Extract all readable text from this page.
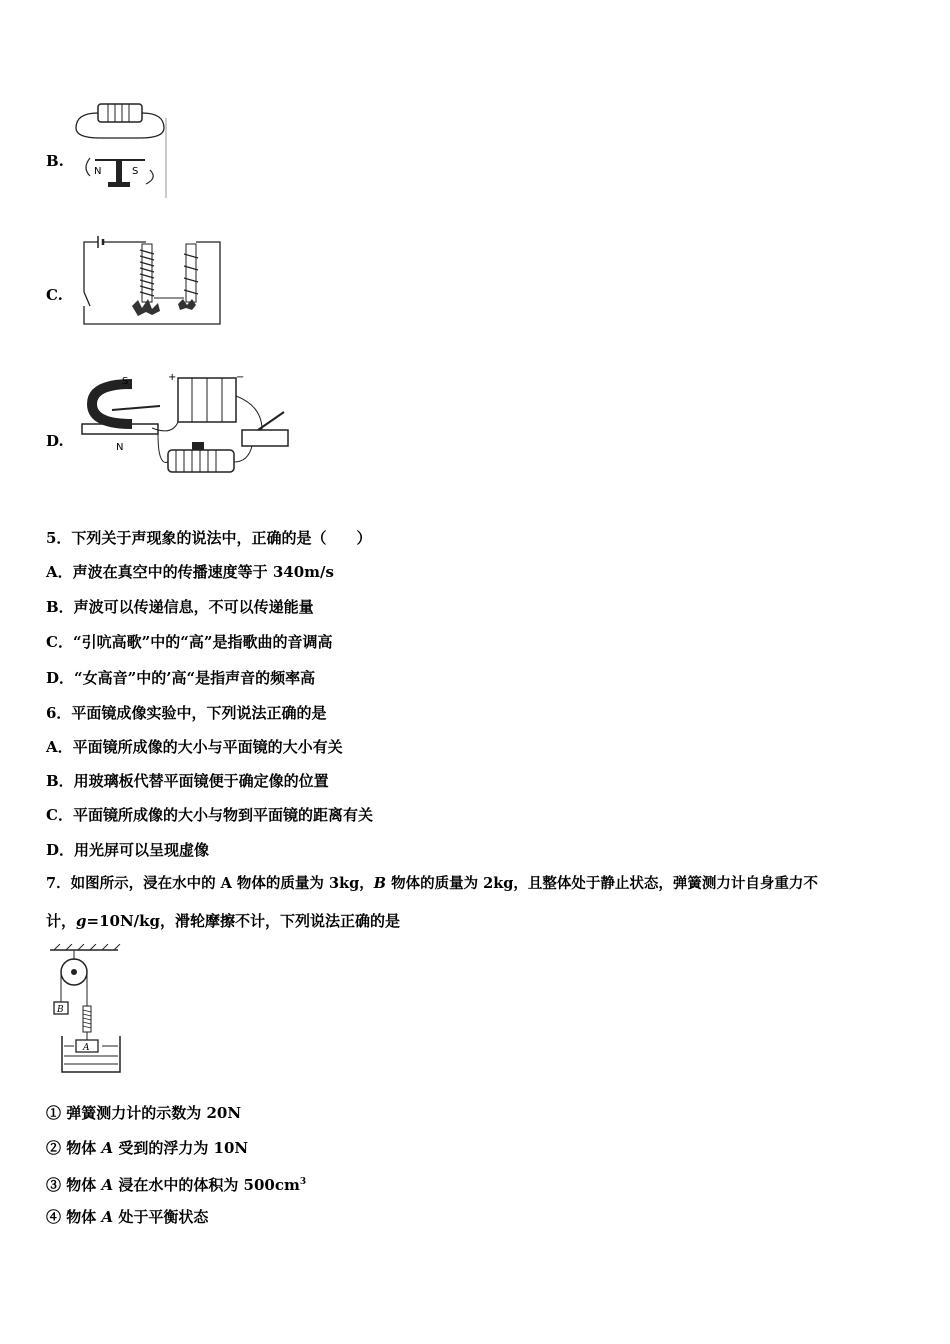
B.
N	S
C.
D.
S
N
+	−
5．下列关于声现象的说法中，正确的是（　　）
A．声波在真空中的传播速度等于 340m/s
B．声波可以传递信息，不可以传递能量
C．“引吭高歌”中的“高”是指歌曲的音调高
D．“女高音”中的’高“是指声音的频率高
6．平面镜成像实验中，下列说法正确的是
A．平面镜所成像的大小与平面镜的大小有关
B．用玻璃板代替平面镜便于确定像的位置
C．平面镜所成像的大小与物到平面镜的距离有关
D．用光屏可以呈现虚像
7．如图所示，浸在水中的 A 物体的质量为 3kg，B 物体的质量为 2kg，且整体处于静止状态，弹簧测力计自身重力不
计，g=10N/kg，滑轮摩擦不计，下列说法正确的是
B
A
① 弹簧测力计的示数为 20N
② 物体 A 受到的浮力为 10N
③ 物体 A 浸在水中的体积为 $500cm^3$
④ 物体 A 处于平衡状态
